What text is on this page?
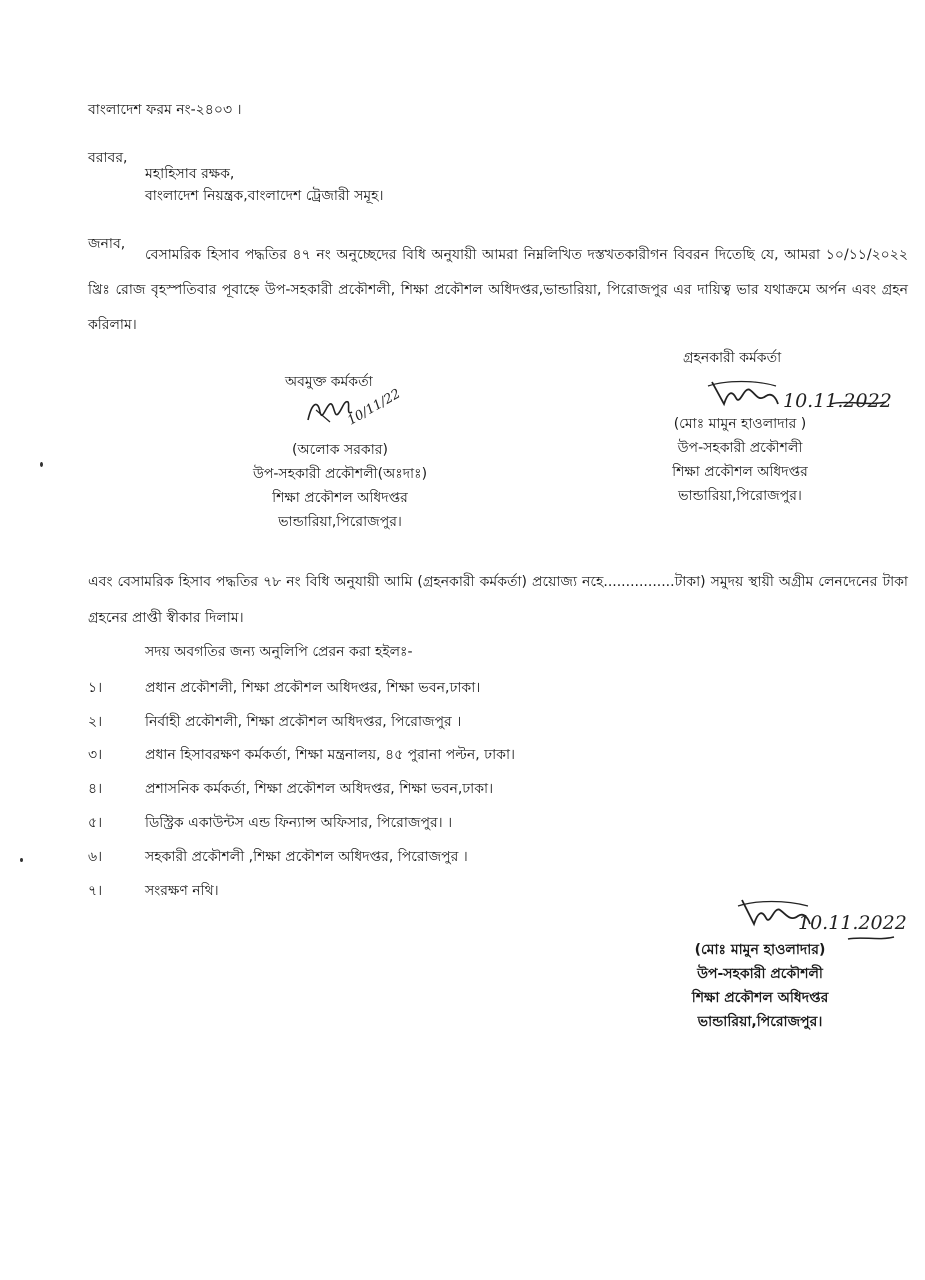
বাংলাদেশ ফরম নং-২৪০৩ ।
বরাবর,
মহাহিসাব রক্ষক,
বাংলাদেশ নিয়ন্ত্রক,বাংলাদেশ ট্রেজারী সমূহ।
জনাব,
বেসামরিক হিসাব পদ্ধতির ৪৭ নং অনুচ্ছেদের বিধি অনুযায়ী আমরা নিম্নলিখিত দস্তখতকারীগন বিবরন দিতেছি যে, আমরা ১০/১১/২০২২ খ্রিঃ রোজ বৃহস্পতিবার পূবাহ্নে উপ-সহকারী প্রকৌশলী, শিক্ষা প্রকৌশল অধিদপ্তর,ভান্ডারিয়া, পিরোজপুর এর দায়িত্ব ভার যথাক্রমে অর্পন এবং গ্রহন করিলাম।
গ্রহনকারী কর্মকর্তা
অবমুক্ত কর্মকর্তা
10/11/22
(অলোক সরকার)
উপ-সহকারী প্রকৌশলী(অঃদাঃ)
শিক্ষা প্রকৌশল অধিদপ্তর
ভান্ডারিয়া,পিরোজপুর।
10.11.2022
(মোঃ মামুন হাওলাদার )
উপ-সহকারী প্রকৌশলী
শিক্ষা প্রকৌশল অধিদপ্তর
ভান্ডারিয়া,পিরোজপুর।
এবং বেসামরিক হিসাব পদ্ধতির ৭৮ নং বিধি অনুযায়ী আমি (গ্রহনকারী কর্মকর্তা) প্রয়োজ্য নহে................টাকা) সমুদয় স্থায়ী অগ্রীম লেনদেনের টাকা গ্রহনের প্রাপ্তী স্বীকার দিলাম।
সদয় অবগতির জন্য অনুলিপি প্রেরন করা হইলঃ-
১।	প্রধান প্রকৌশলী, শিক্ষা প্রকৌশল অধিদপ্তর, শিক্ষা ভবন,ঢাকা।
২।	নির্বাহী প্রকৌশলী, শিক্ষা প্রকৌশল অধিদপ্তর, পিরোজপুর ।
৩।	প্রধান হিসাবরক্ষণ কর্মকর্তা, শিক্ষা মন্ত্রনালয়, ৪৫ পুরানা পল্টন, ঢাকা।
৪।	প্রশাসনিক কর্মকর্তা, শিক্ষা প্রকৌশল অধিদপ্তর, শিক্ষা ভবন,ঢাকা।
৫।	ডিস্ট্রিক একাউন্টস এন্ড ফিন্যান্স অফিসার, পিরোজপুর। ।
৬।	সহকারী প্রকৌশলী ,শিক্ষা প্রকৌশল অধিদপ্তর, পিরোজপুর ।
৭।	সংরক্ষণ নথি।
10.11.2022
(মোঃ মামুন হাওলাদার)
উপ-সহকারী প্রকৌশলী
শিক্ষা প্রকৌশল অধিদপ্তর
ভান্ডারিয়া,পিরোজপুর।
